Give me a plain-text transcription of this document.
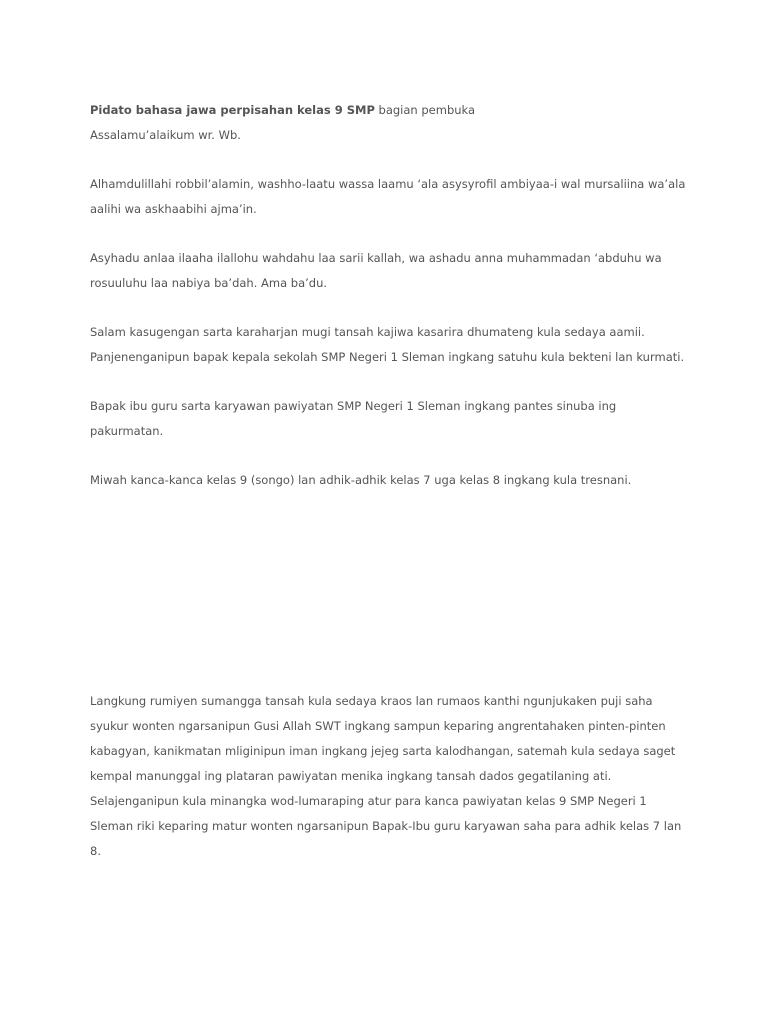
Pidato bahasa jawa perpisahan kelas 9 SMP bagian pembuka

Assalamu’alaikum wr. Wb.

Alhamdulillahi robbil’alamin, washho-laatu wassa laamu ‘ala asysyrofil ambiyaa-i wal mursaliina wa’ala

aalihi wa askhaabihi ajma’in.

Asyhadu anlaa ilaaha ilallohu wahdahu laa sarii kallah, wa ashadu anna muhammadan ‘abduhu wa

rosuuluhu laa nabiya ba’dah. Ama ba’du.

Salam kasugengan sarta karaharjan mugi tansah kajiwa kasarira dhumateng kula sedaya aamii.

Panjenenganipun bapak kepala sekolah SMP Negeri 1 Sleman ingkang satuhu kula bekteni lan kurmati.

Bapak ibu guru sarta karyawan pawiyatan SMP Negeri 1 Sleman ingkang pantes sinuba ing

pakurmatan.

Miwah kanca-kanca kelas 9 (songo) lan adhik-adhik kelas 7 uga kelas 8 ingkang kula tresnani.

Langkung rumiyen sumangga tansah kula sedaya kraos lan rumaos kanthi ngunjukaken puji saha

syukur wonten ngarsanipun Gusi Allah SWT ingkang sampun keparing angrentahaken pinten-pinten

kabagyan, kanikmatan mliginipun iman ingkang jejeg sarta kalodhangan, satemah kula sedaya saget

kempal manunggal ing plataran pawiyatan menika ingkang tansah dados gegatilaning ati.

Selajenganipun kula minangka wod-lumaraping atur para kanca pawiyatan kelas 9 SMP Negeri 1

Sleman riki keparing matur wonten ngarsanipun Bapak-Ibu guru karyawan saha para adhik kelas 7 lan

8.
